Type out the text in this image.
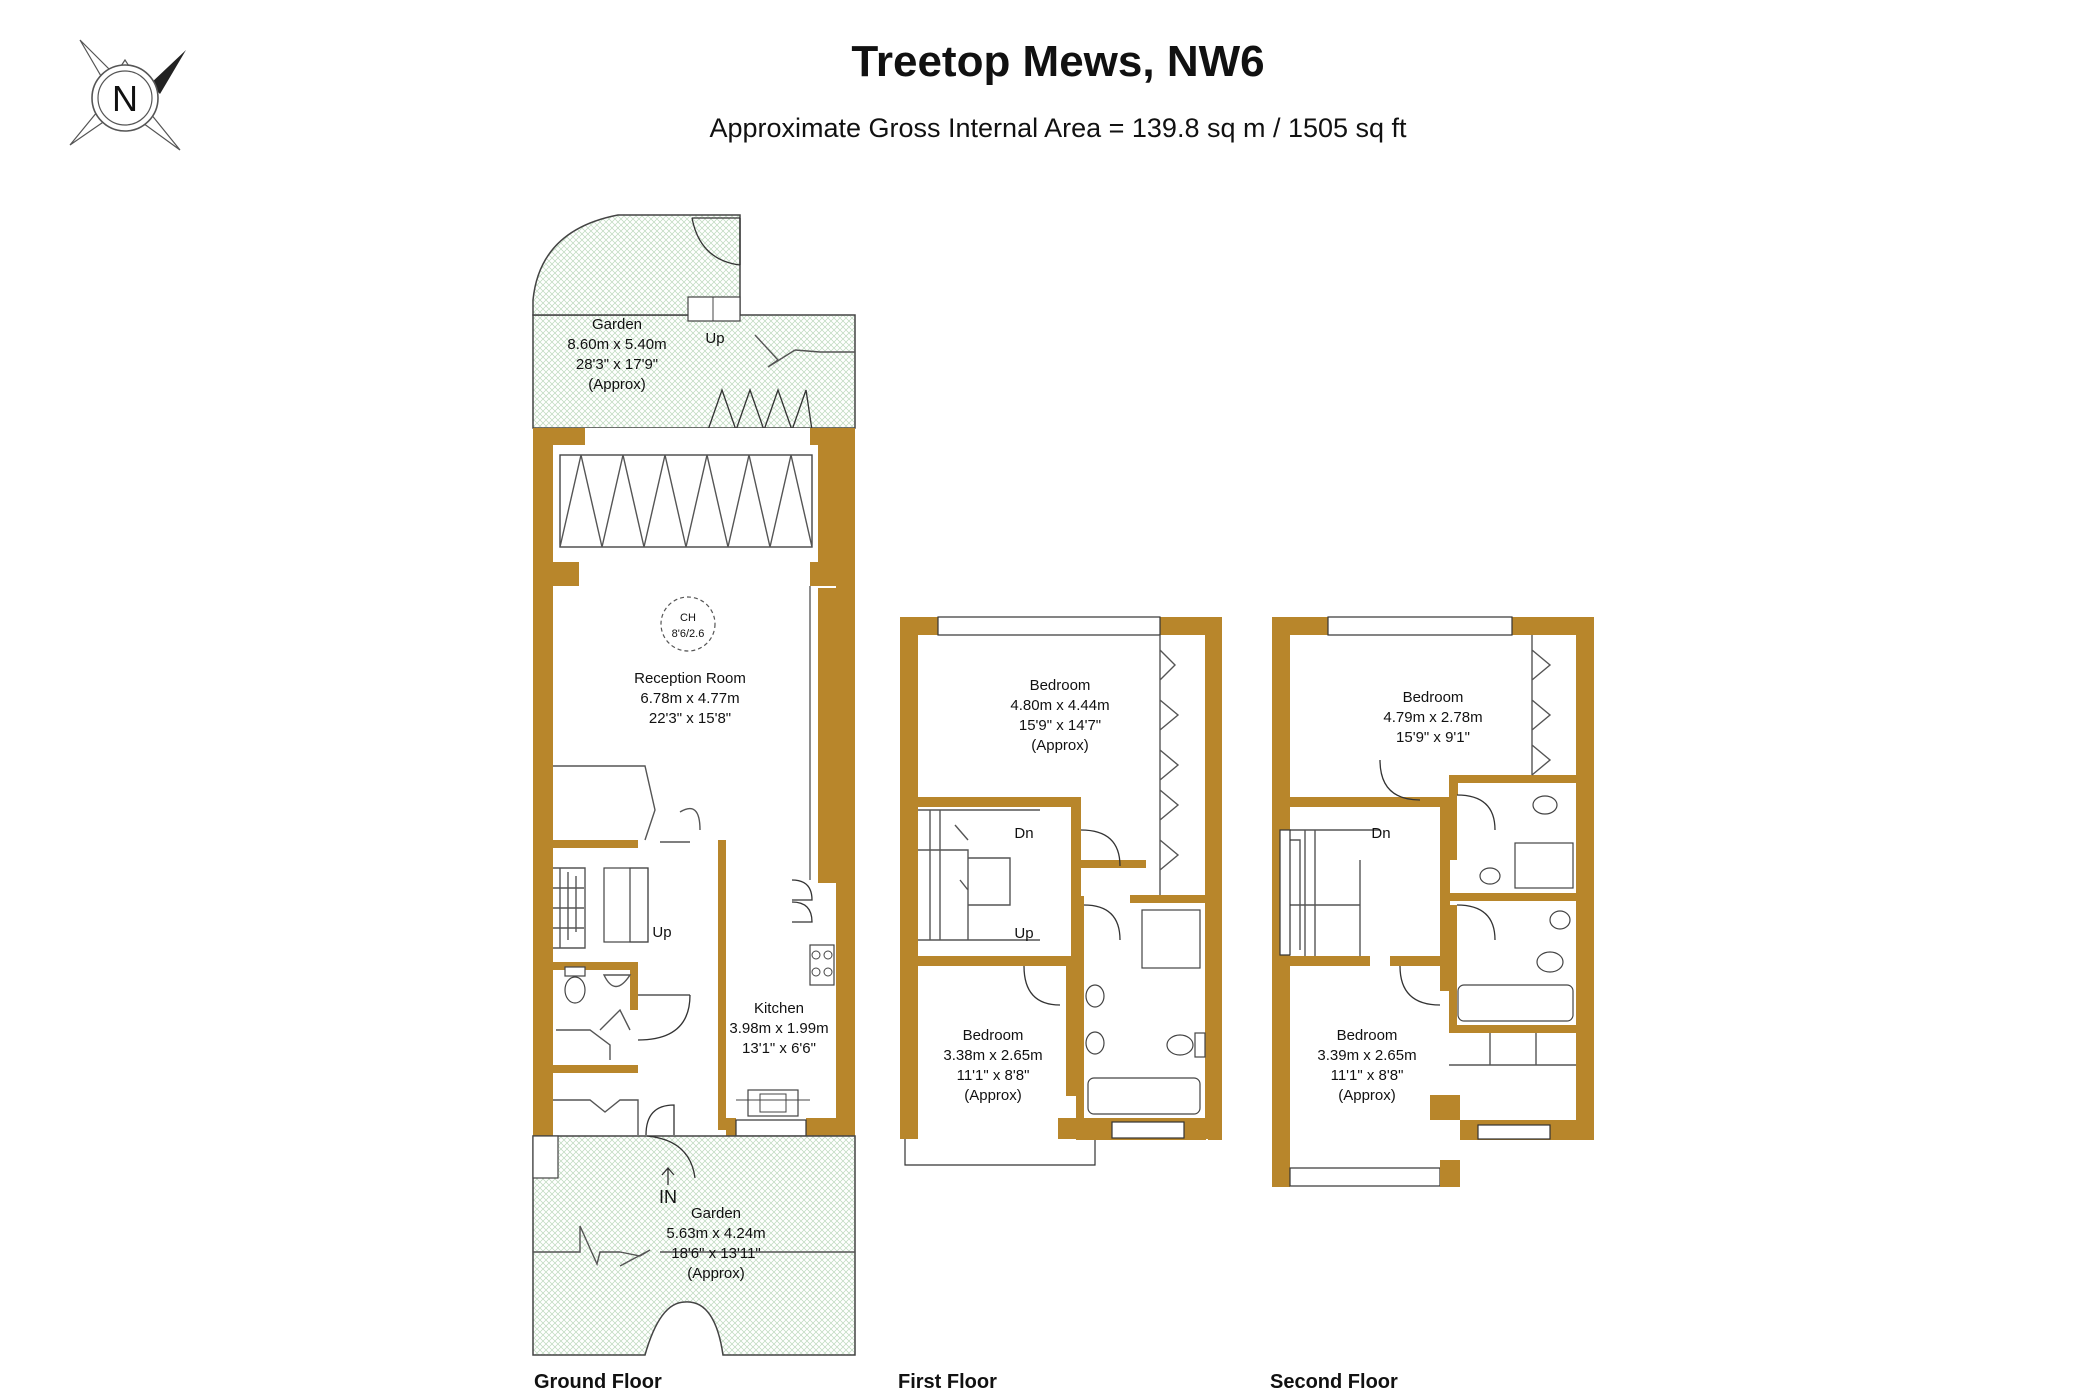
Treetop Mews, NW6
Approximate Gross Internal Area = 139.8 sq m / 1505 sq ft
N
Garden
8.60m x 5.40m
28'3" x 17'9"
(Approx)
Up
CH
8'6/2.6
Reception Room
6.78m x 4.77m
22'3" x 15'8"
Up
Kitchen
3.98m x 1.99m
13'1" x 6'6"
IN
Garden
5.63m x 4.24m
18'6" x 13'11"
(Approx)
Bedroom
4.80m x 4.44m
15'9" x 14'7"
(Approx)
Dn
Up
Bedroom
3.38m x 2.65m
11'1" x 8'8"
(Approx)
Bedroom
4.79m x 2.78m
15'9" x 9'1"
Dn
Bedroom
3.39m x 2.65m
11'1" x 8'8"
(Approx)
Ground Floor	First Floor	Second Floor
